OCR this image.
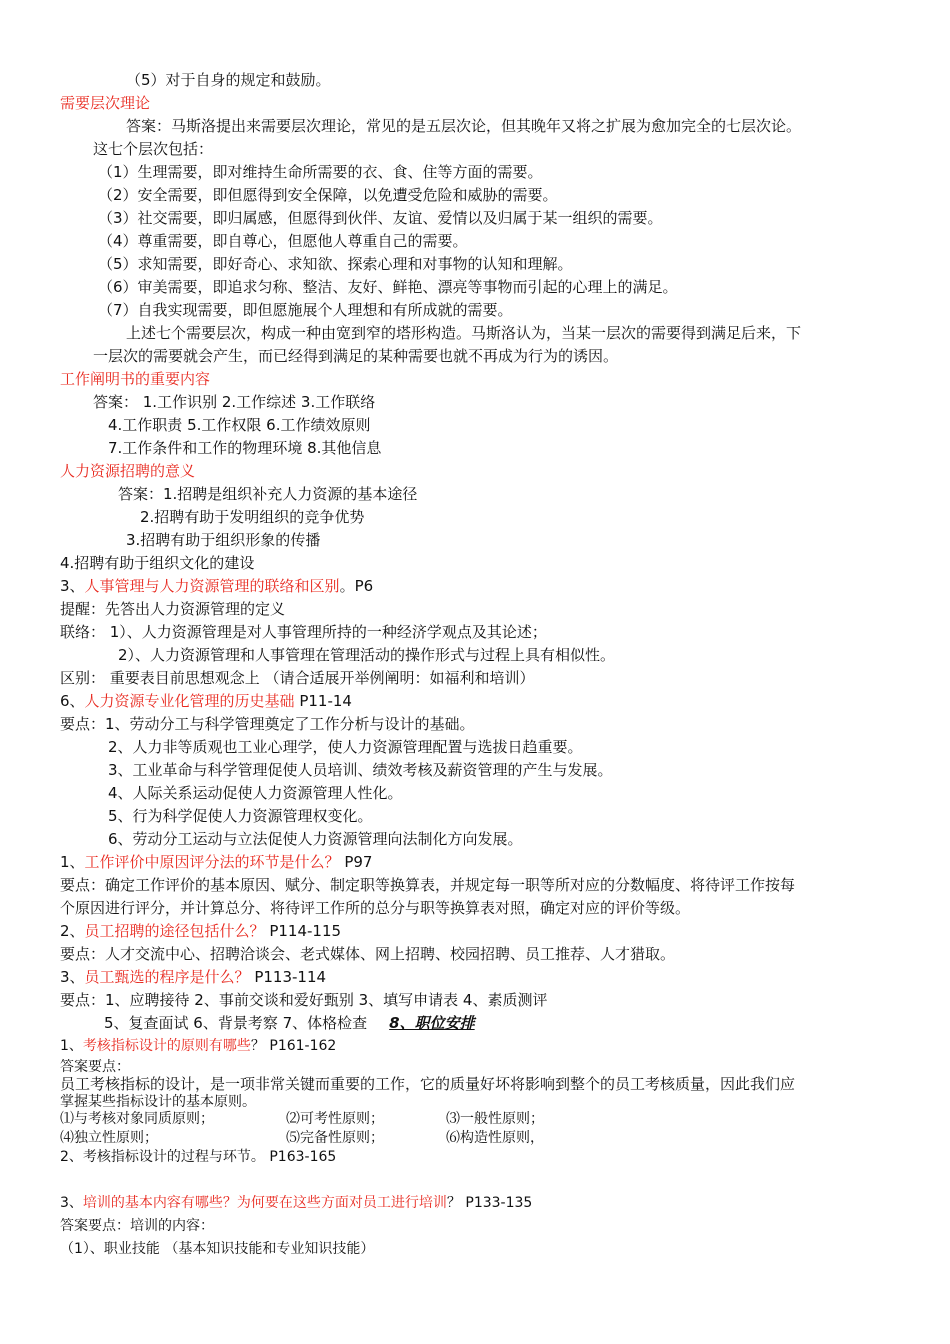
（5）对于自身的规定和鼓励。
需要层次理论
答案：马斯洛提出来需要层次理论，常见的是五层次论，但其晚年又将之扩展为愈加完全的七层次论。
这七个层次包括：
（1）生理需要，即对维持生命所需要的衣、食、住等方面的需要。
（2）安全需要，即但愿得到安全保障，以免遭受危险和威胁的需要。
（3）社交需要，即归属感，但愿得到伙伴、友谊、爱情以及归属于某一组织的需要。
（4）尊重需要，即自尊心，但愿他人尊重自己的需要。
（5）求知需要，即好奇心、求知欲、探索心理和对事物的认知和理解。
（6）审美需要，即追求匀称、整洁、友好、鲜艳、漂亮等事物而引起的心理上的满足。
（7）自我实现需要，即但愿施展个人理想和有所成就的需要。
上述七个需要层次，构成一种由宽到窄的塔形构造。马斯洛认为，当某一层次的需要得到满足后来，下
一层次的需要就会产生，而已经得到满足的某种需要也就不再成为行为的诱因。
工作阐明书的重要内容
答案： 1.工作识别 2.工作综述 3.工作联络
4.工作职责 5.工作权限 6.工作绩效原则
7.工作条件和工作的物理环境 8.其他信息
人力资源招聘的意义
答案：1.招聘是组织补充人力资源的基本途径
2.招聘有助于发明组织的竞争优势
3.招聘有助于组织形象的传播
4.招聘有助于组织文化的建设
3、人事管理与人力资源管理的联络和区别。P6
提醒：先答出人力资源管理的定义
联络： 1）、人力资源管理是对人事管理所持的一种经济学观点及其论述；
2）、人力资源管理和人事管理在管理活动的操作形式与过程上具有相似性。
区别： 重要表目前思想观念上 （请合适展开举例阐明：如福利和培训）
6、人力资源专业化管理的历史基础 P11-14
要点：1、劳动分工与科学管理奠定了工作分析与设计的基础。
2、人力非等质观也工业心理学，使人力资源管理配置与选拔日趋重要。
3、工业革命与科学管理促使人员培训、绩效考核及薪资管理的产生与发展。
4、人际关系运动促使人力资源管理人性化。
5、行为科学促使人力资源管理权变化。
6、劳动分工运动与立法促使人力资源管理向法制化方向发展。
1、工作评价中原因评分法的环节是什么？ P97
要点：确定工作评价的基本原因、赋分、制定职等换算表，并规定每一职等所对应的分数幅度、将待评工作按每
个原因进行评分，并计算总分、将待评工作所的总分与职等换算表对照，确定对应的评价等级。
2、员工招聘的途径包括什么？ P114-115
要点：人才交流中心、招聘洽谈会、老式媒体、网上招聘、校园招聘、员工推荐、人才猎取。
3、员工甄选的程序是什么？ P113-114
要点：1、应聘接待 2、事前交谈和爱好甄别 3、填写申请表 4、素质测评
5、复查面试 6、背景考察 7、体格检查 8、职位安排
1、考核指标设计的原则有哪些？ P161-162
答案要点：
员工考核指标的设计，是一项非常关键而重要的工作，它的质量好坏将影响到整个的员工考核质量，因此我们应
掌握某些指标设计的基本原则。
⑴与考核对象同质原则；	⑵可考性原则；	⑶一般性原则；
⑷独立性原则；	⑸完备性原则；	⑹构造性原则，
2、考核指标设计的过程与环节。 P163-165
3、培训的基本内容有哪些？为何要在这些方面对员工进行培训？ P133-135
答案要点：培训的内容：
（1）、职业技能 （基本知识技能和专业知识技能）
